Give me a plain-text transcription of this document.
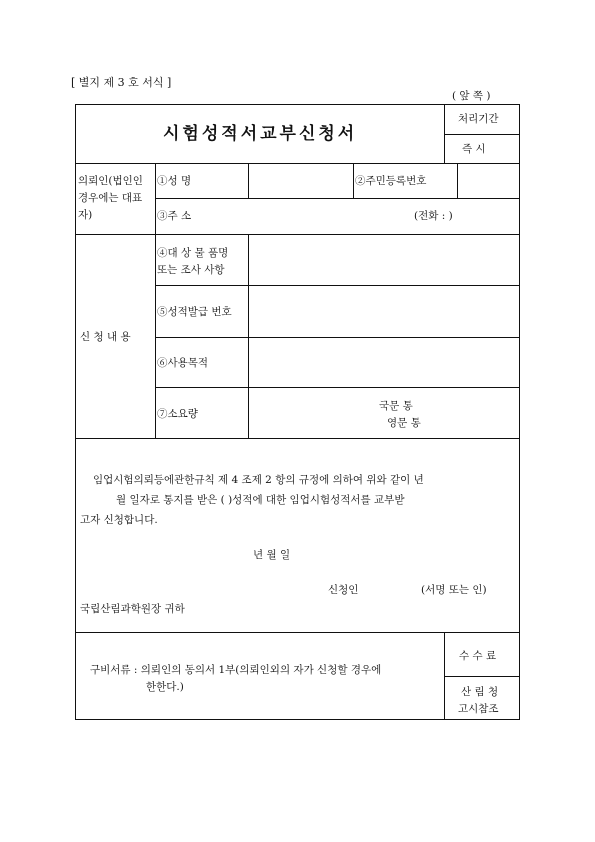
[ 별지 제 3 호 서식 ]
( 앞 쪽 )
시험성적서교부신청서
처리기간
즉 시
의뢰인(법인인
경우에는 대표
자)
①성 명	②주민등록번호
③주 소	(전화 : )
신 청 내 용
④대 상 물 품명
또는 조사 사항
⑤성적발급 번호
⑥사용목적
⑦소요량
국문 통
영문 통
임업시험의뢰등에관한규칙 제 4 조제 2 항의 규정에 의하여 위와 같이 년
월 일자로 통지를 받은 ( )성적에 대한 임업시험성적서를 교부받
고자 신청합니다.
년 월 일
신청인	(서명 또는 인)
국립산림과학원장 귀하
구비서류 : 의뢰인의 동의서 1부(의뢰인외의 자가 신청할 경우에
한한다.)
수 수 료
산 림 청
고시참조
